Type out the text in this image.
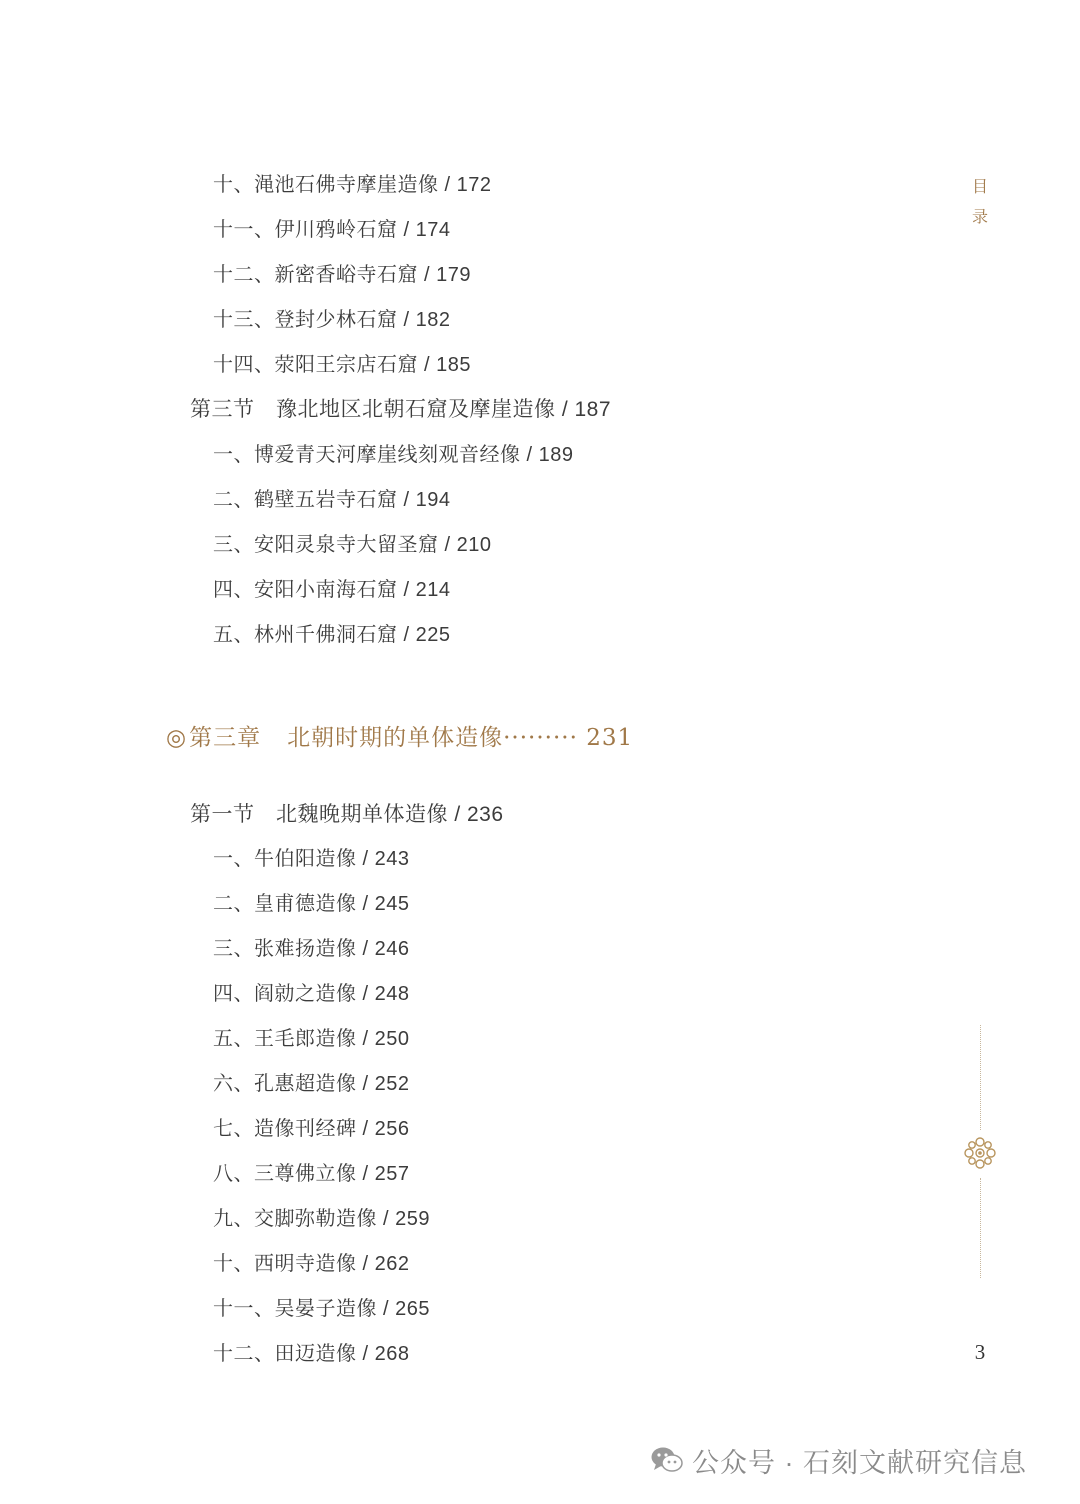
目
录
十、渑池石佛寺摩崖造像 / 172
十一、伊川鸦岭石窟 / 174
十二、新密香峪寺石窟 / 179
十三、登封少林石窟 / 182
十四、荥阳王宗店石窟 / 185
第三节　豫北地区北朝石窟及摩崖造像 / 187
一、博爱青天河摩崖线刻观音经像 / 189
二、鹤壁五岩寺石窟 / 194
三、安阳灵泉寺大留圣窟 / 210
四、安阳小南海石窟 / 214
五、林州千佛洞石窟 / 225
◎第三章 北朝时期的单体造像········· 231
第一节　北魏晚期单体造像 / 236
一、牛伯阳造像 / 243
二、皇甫德造像 / 245
三、张难扬造像 / 246
四、阎勍之造像 / 248
五、王毛郎造像 / 250
六、孔惠超造像 / 252
七、造像刊经碑 / 256
八、三尊佛立像 / 257
九、交脚弥勒造像 / 259
十、西明寺造像 / 262
十一、吴晏子造像 / 265
十二、田迈造像 / 268	3
公众号 · 石刻文献研究信息
